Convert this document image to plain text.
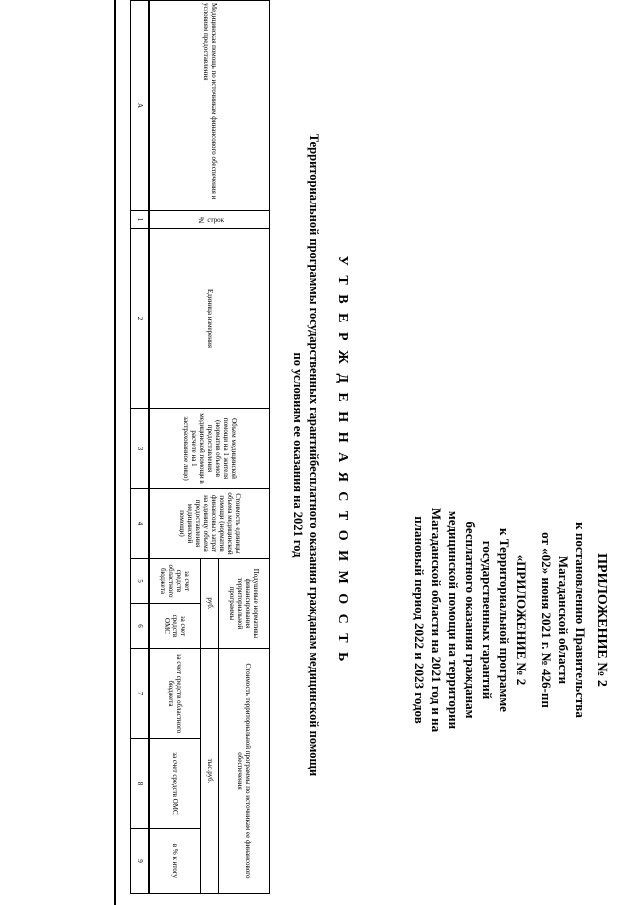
ПРИЛОЖЕНИЕ № 2

к постановлению Правительства

Магаданской области

от «02» июня 2021 г. № 426-пп

«ПРИЛОЖЕНИЕ № 2

к Территориальной программе

государственных гарантий

бесплатного оказания гражданам

медицинской помощи на территории

Магаданской области на 2021 год и на

плановый период 2022 и 2023 годов

У Т В Е Р Ж Д Е Н Н А Я С Т О И М О С Т Ь

Территориальной программы государственных гарантийбесплатного оказания гражданам медицинской помощи

по условиям ее оказания на 2021 год

Медицинская помощь по источникам финансового обеспечения и условиям предоставления	№ строк	Единица измерения	Объем медицинской помощи на 1 жителя (норматив объемов предоставления медицинской помощи в расчете на 1 застрахованное лицо)	Стоимость единицы объема медицинской помощи (норматив финансовых затрат на единицу объема предоставления медицинской помощи)	Подушевые нормативы финансирования территориальной программы		Стоимость территориальной программы по источникам ее финансового обеспечения		
					руб.		тыс.руб.		
					за счет средств областного бюджета	за счет средств ОМС	за счет средств областного бюджета	за счет средств ОМС	в % к итогу
А	1	2	3	4	5	6	7	8	9
